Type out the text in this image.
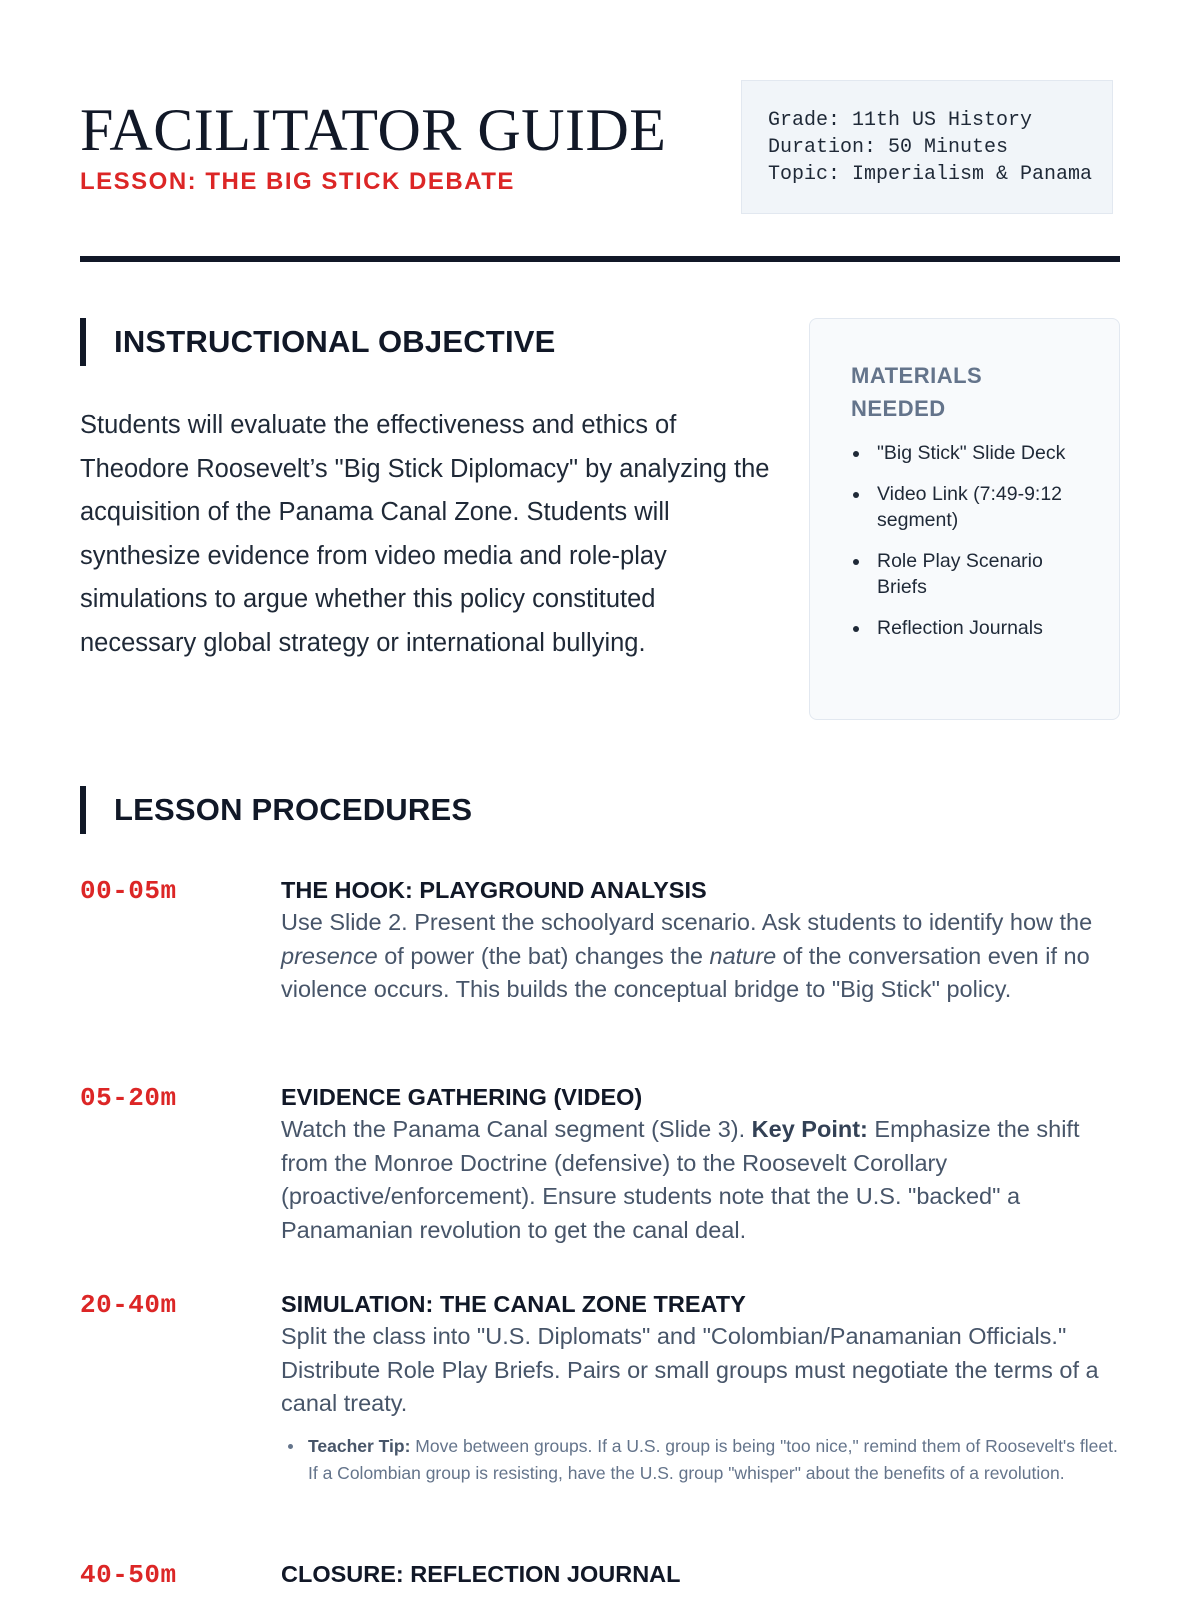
FACILITATOR GUIDE
LESSON: THE BIG STICK DEBATE
Grade: 11th US History
Duration: 50 Minutes
Topic: Imperialism & Panama
INSTRUCTIONAL OBJECTIVE

Students will evaluate the effectiveness and ethics of Theodore Roosevelt’s "Big Stick Diplomacy" by analyzing the acquisition of the Panama Canal Zone. Students will synthesize evidence from video media and role-play simulations to argue whether this policy constituted necessary global strategy or international bullying.

MATERIALS NEEDED
"Big Stick" Slide Deck
Video Link (7:49-9:12 segment)
Role Play Scenario Briefs
Reflection Journals
LESSON PROCEDURES
00-05m	THE HOOK: PLAYGROUND ANALYSIS

Use Slide 2. Present the schoolyard scenario. Ask students to identify how the presence of power (the bat) changes the nature of the conversation even if no violence occurs. This builds the conceptual bridge to "Big Stick" policy.

05-20m	EVIDENCE GATHERING (VIDEO)

Watch the Panama Canal segment (Slide 3). Key Point: Emphasize the shift from the Monroe Doctrine (defensive) to the Roosevelt Corollary (proactive/enforcement). Ensure students note that the U.S. "backed" a Panamanian revolution to get the canal deal.

20-40m	SIMULATION: THE CANAL ZONE TREATY

Split the class into "U.S. Diplomats" and "Colombian/Panamanian Officials." Distribute Role Play Briefs. Pairs or small groups must negotiate the terms of a canal treaty.

Teacher Tip: Move between groups. If a U.S. group is being "too nice," remind them of Roosevelt's fleet. If a Colombian group is resisting, have the U.S. group "whisper" about the benefits of a revolution.
40-50m	CLOSURE: REFLECTION JOURNAL
